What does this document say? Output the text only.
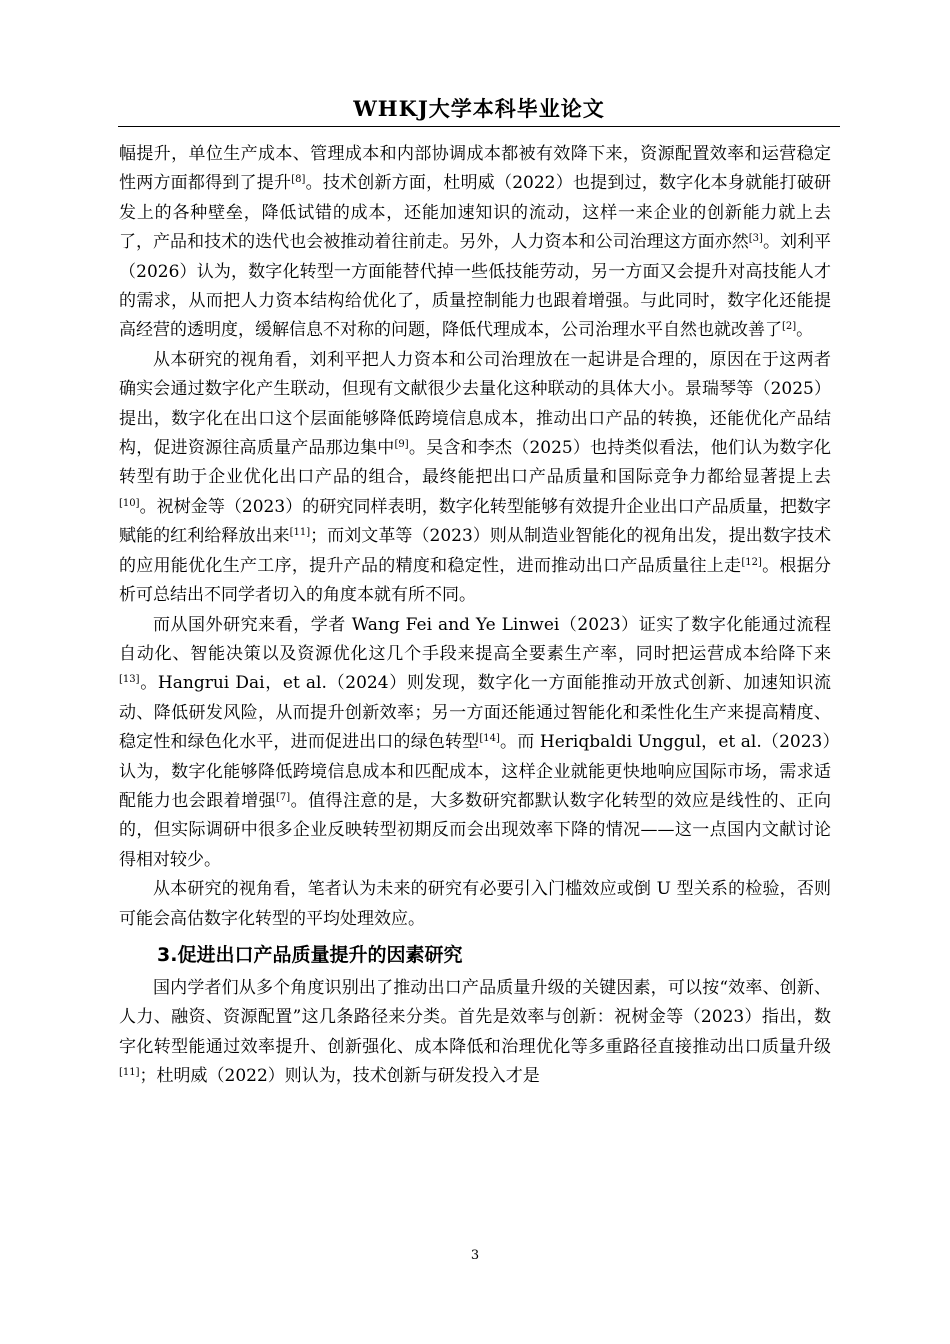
WHKJ大学本科毕业论文

幅提升，单位生产成本、管理成本和内部协调成本都被有效降下来，资源配置效率和运营稳定性两方面都得到了提升[8]。技术创新方面，杜明威（2022）也提到过，数字化本身就能打破研发上的各种壁垒，降低试错的成本，还能加速知识的流动，这样一来企业的创新能力就上去了，产品和技术的迭代也会被推动着往前走。另外，人力资本和公司治理这方面亦然[3]。刘利平（2026）认为，数字化转型一方面能替代掉一些低技能劳动，另一方面又会提升对高技能人才的需求，从而把人力资本结构给优化了，质量控制能力也跟着增强。与此同时，数字化还能提高经营的透明度，缓解信息不对称的问题，降低代理成本，公司治理水平自然也就改善了[2]。

从本研究的视角看，刘利平把人力资本和公司治理放在一起讲是合理的，原因在于这两者确实会通过数字化产生联动，但现有文献很少去量化这种联动的具体大小。景瑞琴等（2025）提出，数字化在出口这个层面能够降低跨境信息成本，推动出口产品的转换，还能优化产品结构，促进资源往高质量产品那边集中[9]。吴含和李杰（2025）也持类似看法，他们认为数字化转型有助于企业优化出口产品的组合，最终能把出口产品质量和国际竞争力都给显著提上去[10]。祝树金等（2023）的研究同样表明，数字化转型能够有效提升企业出口产品质量，把数字赋能的红利给释放出来[11]；而刘文革等（2023）则从制造业智能化的视角出发，提出数字技术的应用能优化生产工序，提升产品的精度和稳定性，进而推动出口产品质量往上走[12]。根据分析可总结出不同学者切入的角度本就有所不同。

而从国外研究来看，学者 Wang Fei and Ye Linwei（2023）证实了数字化能通过流程自动化、智能决策以及资源优化这几个手段来提高全要素生产率，同时把运营成本给降下来[13]。Hangrui Dai，et al.（2024）则发现，数字化一方面能推动开放式创新、加速知识流动、降低研发风险，从而提升创新效率；另一方面还能通过智能化和柔性化生产来提高精度、稳定性和绿色化水平，进而促进出口的绿色转型[14]。而 Heriqbaldi Unggul，et al.（2023）认为，数字化能够降低跨境信息成本和匹配成本，这样企业就能更快地响应国际市场，需求适配能力也会跟着增强[7]。值得注意的是，大多数研究都默认数字化转型的效应是线性的、正向的，但实际调研中很多企业反映转型初期反而会出现效率下降的情况——这一点国内文献讨论得相对较少。

从本研究的视角看，笔者认为未来的研究有必要引入门槛效应或倒 U 型关系的检验，否则可能会高估数字化转型的平均处理效应。

3.促进出口产品质量提升的因素研究

国内学者们从多个角度识别出了推动出口产品质量升级的关键因素，可以按“效率、创新、人力、融资、资源配置”这几条路径来分类。首先是效率与创新：祝树金等（2023）指出，数字化转型能通过效率提升、创新强化、成本降低和治理优化等多重路径直接推动出口质量升级[11]；杜明威（2022）则认为，技术创新与研发投入才是

3
